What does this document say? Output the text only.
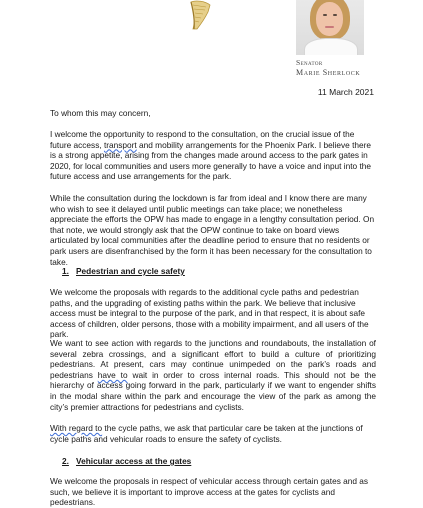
Senator
Marie Sherlock
11 March 2021

To whom this may concern,

I welcome the opportunity to respond to the consultation, on the crucial issue of the future access, transport and mobility arrangements for the Phoenix Park. I believe there is a strong appetite, arising from the changes made around access to the park gates in 2020, for local communities and users more generally to have a voice and input into the future access and use arrangements for the park.

While the consultation during the lockdown is far from ideal and I know there are many who wish to see it delayed until public meetings can take place; we nonetheless appreciate the efforts the OPW has made to engage in a lengthy consultation period. On that note, we would strongly ask that the OPW continue to take on board views articulated by local communities after the deadline period to ensure that no residents or park users are disenfranchised by the form it has been necessary for the consultation to take.

1. Pedestrian and cycle safety

We welcome the proposals with regards to the additional cycle paths and pedestrian paths, and the upgrading of existing paths within the park. We believe that inclusive access must be integral to the purpose of the park, and in that respect, it is about safe access of children, older persons, those with a mobility impairment, and all users of the park.

We want to see action with regards to the junctions and roundabouts, the installation of several zebra crossings, and a significant effort to build a culture of prioritizing pedestrians. At present, cars may continue unimpeded on the park’s roads and pedestrians have to wait in order to cross internal roads. This should not be the hierarchy of access going forward in the park, particularly if we want to engender shifts in the modal share within the park and encourage the view of the park as among the city’s premier attractions for pedestrians and cyclists.

With regard to the cycle paths, we ask that particular care be taken at the junctions of cycle paths and vehicular roads to ensure the safety of cyclists.

2. Vehicular access at the gates

We welcome the proposals in respect of vehicular access through certain gates and as such, we believe it is important to improve access at the gates for cyclists and pedestrians.
